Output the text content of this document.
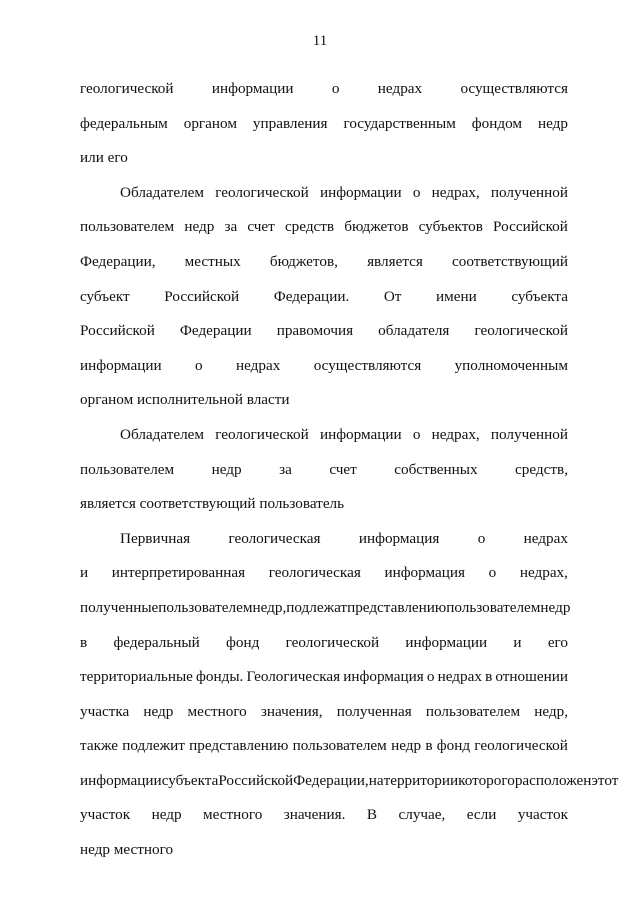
11

геологической	информации	о	недрах	осуществляются
федеральным органом управления государственным фондом недр
или его

Обладателем геологической информации о недрах, полученной
пользователем недр за счет средств бюджетов субъектов Российской
Федерации, местных бюджетов, является соответствующий
субъект Российской Федерации. От имени субъекта
Российской Федерации правомочия обладателя геологической
информации о недрах осуществляются уполномоченным
органом исполнительной власти

Обладателем геологической информации о недрах, полученной
пользователем недр за счет собственных средств,
является соответствующий пользователь

Первичная	геологическая	информация	о	недрах
и интерпретированная геологическая информация о недрах,
полученные пользователем недр, подлежат представлению пользователем недр
в федеральный фонд геологической информации и его
территориальные фонды. Геологическая информация о недрах в отношении
участка недр местного значения, полученная пользователем недр,
также подлежит представлению пользователем недр в фонд геологической
информации субъекта Российской Федерации, на территории которого расположен этот
участок недр местного значения. В случае, если участок
недр местного
